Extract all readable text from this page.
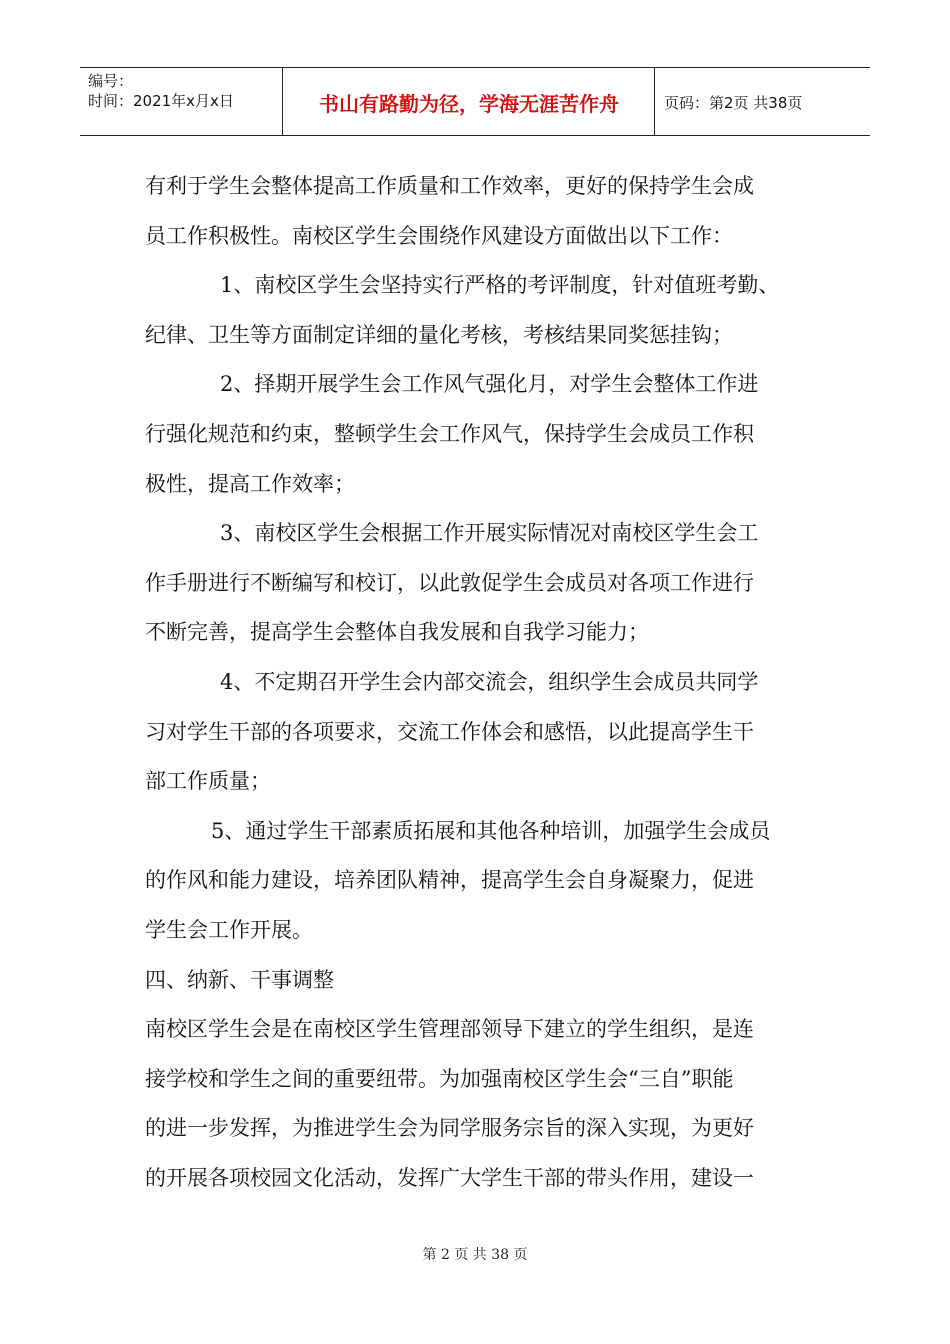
编号：
时间：2021年x月x日	书山有路勤为径，学海无涯苦作舟	页码：第2页 共38页
有利于学生会整体提高工作质量和工作效率，更好的保持学生会成
员工作积极性。南校区学生会围绕作风建设方面做出以下工作：
1、南校区学生会坚持实行严格的考评制度，针对值班考勤、
纪律、卫生等方面制定详细的量化考核，考核结果同奖惩挂钩；
2、择期开展学生会工作风气强化月，对学生会整体工作进
行强化规范和约束，整顿学生会工作风气，保持学生会成员工作积
极性，提高工作效率；
3、南校区学生会根据工作开展实际情况对南校区学生会工
作手册进行不断编写和校订，以此敦促学生会成员对各项工作进行
不断完善，提高学生会整体自我发展和自我学习能力；
4、不定期召开学生会内部交流会，组织学生会成员共同学
习对学生干部的各项要求，交流工作体会和感悟，以此提高学生干
部工作质量；
5、通过学生干部素质拓展和其他各种培训，加强学生会成员
的作风和能力建设，培养团队精神，提高学生会自身凝聚力，促进
学生会工作开展。
四、纳新、干事调整
南校区学生会是在南校区学生管理部领导下建立的学生组织，是连
接学校和学生之间的重要纽带。为加强南校区学生会“三自”职能
的进一步发挥，为推进学生会为同学服务宗旨的深入实现，为更好
的开展各项校园文化活动，发挥广大学生干部的带头作用，建设一
第 2 页 共 38 页
